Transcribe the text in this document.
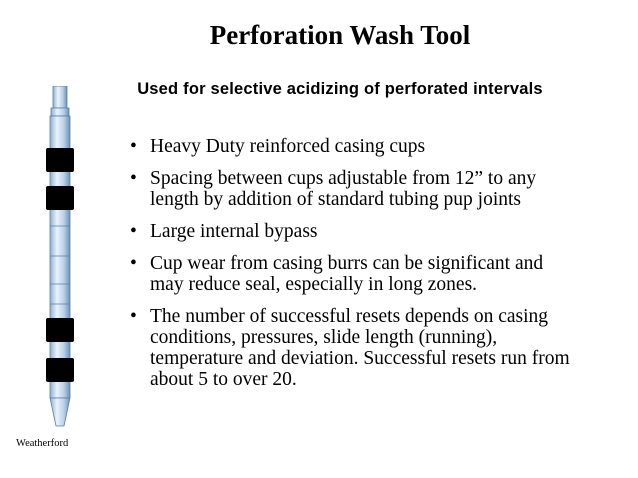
Perforation Wash Tool
Used for selective acidizing of perforated intervals
• Heavy Duty reinforced casing cups
• Spacing between cups adjustable from 12” to any length by addition of standard tubing pup joints
• Large internal bypass
• Cup wear from casing burrs can be significant and may reduce seal, especially in long zones.
• The number of successful resets depends on casing conditions, pressures, slide length (running), temperature and deviation. Successful resets run from about 5 to over 20.
Weatherford
